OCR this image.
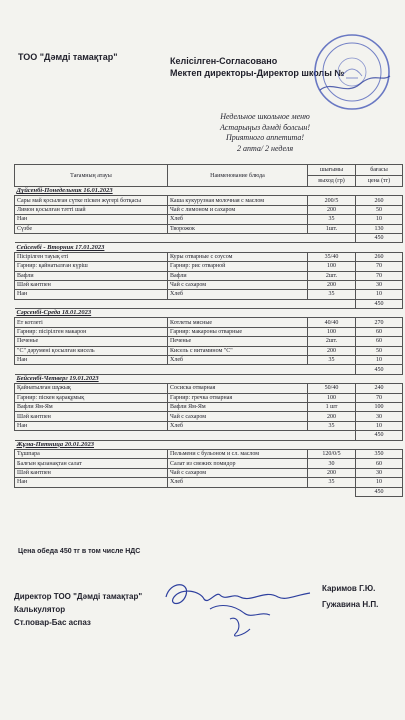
ТОО "Дәмді тамақтар"	Келісілген-Согласовано
Мектеп директоры-Директор школы №
Недельное школьное меню
Астарыңыз дәмді болсын!
Приятного аппетита!
2 апта/ 2 неделя
Тағамның атауы	Наименование блюда	шығымы	бағасы
		выход (гр)	цена (тг)
Дүйсенбі-Понедельник 16.01.2023			
Сары май қосылған сүтке піскен жүгері ботқасы	Каша кукурузная молочная с маслом	200/5	260
Лимон қосылған тәтті шай	Чай с лимоном и сахаром	200	50
Нан	Хлеб	35	10
Сүзбе	Творожок	1шт.	130
			450
Сейсенбі - Вторник 17.01.2023			
Пісірілген тауық еті	Куры отварные с соусом	35/40	260
Гарнир: қайнатылған күріш	Гарнир: рис отварной	100	70
Вафли	Вафли	2шт.	70
Шәй кантпен	Чай с сахаром	200	30
Нан	Хлеб	35	10
			450
Сәрсенбі-Среда 18.01.2023			
Ет котлеті	Котлеты мясные	40/40	270
Гарнир: пісірілген макарон	Гарнир: макароны отварные	100	60
Печенье	Печенье	2шт.	60
"С" дәрумені қосылған кисель	Кисель с витамином "С"	200	50
Нан	Хлеб	35	10
			450
Бейсенбі-Четверг 19.01.2023			
Қайнатылған шұжық	Сосиска отварная	50/40	240
Гарнир: піскен қарақұмық	Гарнир: гречка отварная	100	70
Вафли Ям-Ям	Вафли Ям-Ям	1 шт	100
Шәй кантпен	Чай с сахаром	200	30
Нан	Хлеб	35	10
			450
Жұма-Пятница 20.01.2023			
Тұшпара	Пельмени с бульоном и сл. маслом	120/0/5	350
Балғын қызанақтан салат	Салат из свежих помидор	30	60
Шәй кантпен	Чай с сахаром	200	30
Нан	Хлеб	35	10
			450
Цена обеда 450 тг в том числе НДС
Директор ТОО "Дәмді тамақтар"
Каримов Г.Ю.
Калькулятор
Гужавина Н.П.
Ст.повар-Бас аспаз
